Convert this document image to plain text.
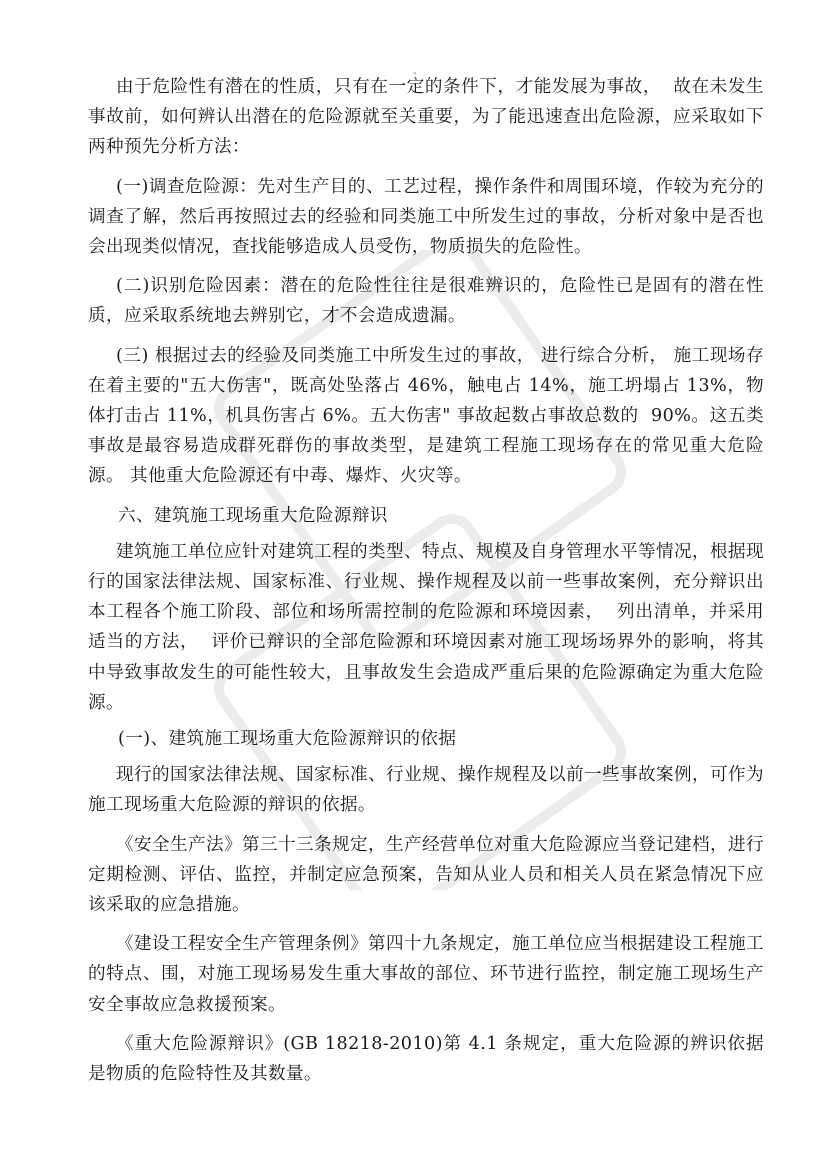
-

由于危险性有潜在的性质，只有在一定的条件下，才能发展为事故，  故在未发生事故前，如何辨认出潜在的危险源就至关重要，为了能迅速查出危险源，应采取如下两种预先分析方法：

(一)调查危险源：先对生产目的、工艺过程，操作条件和周围环境，作较为充分的调查了解，然后再按照过去的经验和同类施工中所发生过的事故，分析对象中是否也会出现类似情况，查找能够造成人员受伤，物质损失的危险性。

(二)识别危险因素：潜在的危险性往往是很难辨识的，危险性已是固有的潜在性质，应采取系统地去辨别它，才不会造成遗漏。

(三) 根据过去的经验及同类施工中所发生过的事故， 进行综合分析， 施工现场存在着主要的"五大伤害"，既高处坠落占 46%，触电占 14%，施工坍塌占 13%，物体打击占 11%，机具伤害占 6%。五大伤害" 事故起数占事故总数的  90%。这五类事故是最容易造成群死群伤的事故类型，是建筑工程施工现场存在的常见重大危险源。 其他重大危险源还有中毒、爆炸、火灾等。

六、建筑施工现场重大危险源辩识

建筑施工单位应针对建筑工程的类型、特点、规模及自身管理水平等情况，根据现行的国家法律法规、国家标准、行业规、操作规程及以前一些事故案例，充分辩识出本工程各个施工阶段、部位和场所需控制的危险源和环境因素，  列出清单，并采用适当的方法，  评价已辩识的全部危险源和环境因素对施工现场场界外的影响，将其中导致事故发生的可能性较大，且事故发生会造成严重后果的危险源确定为重大危险源。

(一)、建筑施工现场重大危险源辩识的依据

现行的国家法律法规、国家标准、行业规、操作规程及以前一些事故案例，可作为施工现场重大危险源的辩识的依据。

《安全生产法》第三十三条规定，生产经营单位对重大危险源应当登记建档，进行定期检测、评估、监控，并制定应急预案，告知从业人员和相关人员在紧急情况下应该采取的应急措施。

《建设工程安全生产管理条例》第四十九条规定，施工单位应当根据建设工程施工的特点、围，对施工现场易发生重大事故的部位、环节进行监控，制定施工现场生产安全事故应急救援预案。

《重大危险源辩识》(GB 18218-2010)第 4.1 条规定，重大危险源的辨识依据是物质的危险特性及其数量。
